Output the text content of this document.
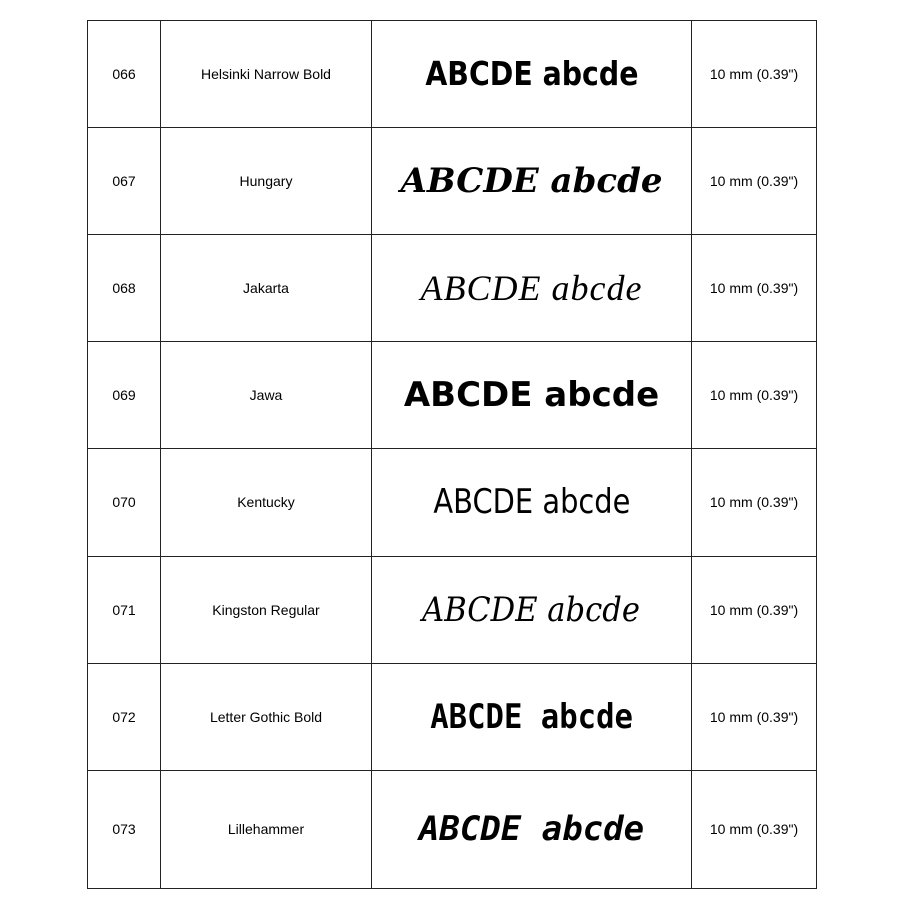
066	Helsinki Narrow Bold	ABCDE abcde	10 mm (0.39")
067	Hungary	ABCDE abcde	10 mm (0.39")
068	Jakarta	ABCDE abcde	10 mm (0.39")
069	Jawa	ABCDE abcde	10 mm (0.39")
070	Kentucky	ABCDE abcde	10 mm (0.39")
071	Kingston Regular	ABCDE abcde	10 mm (0.39")
072	Letter Gothic Bold	ABCDE abcde	10 mm (0.39")
073	Lillehammer	ABCDE abcde	10 mm (0.39")
